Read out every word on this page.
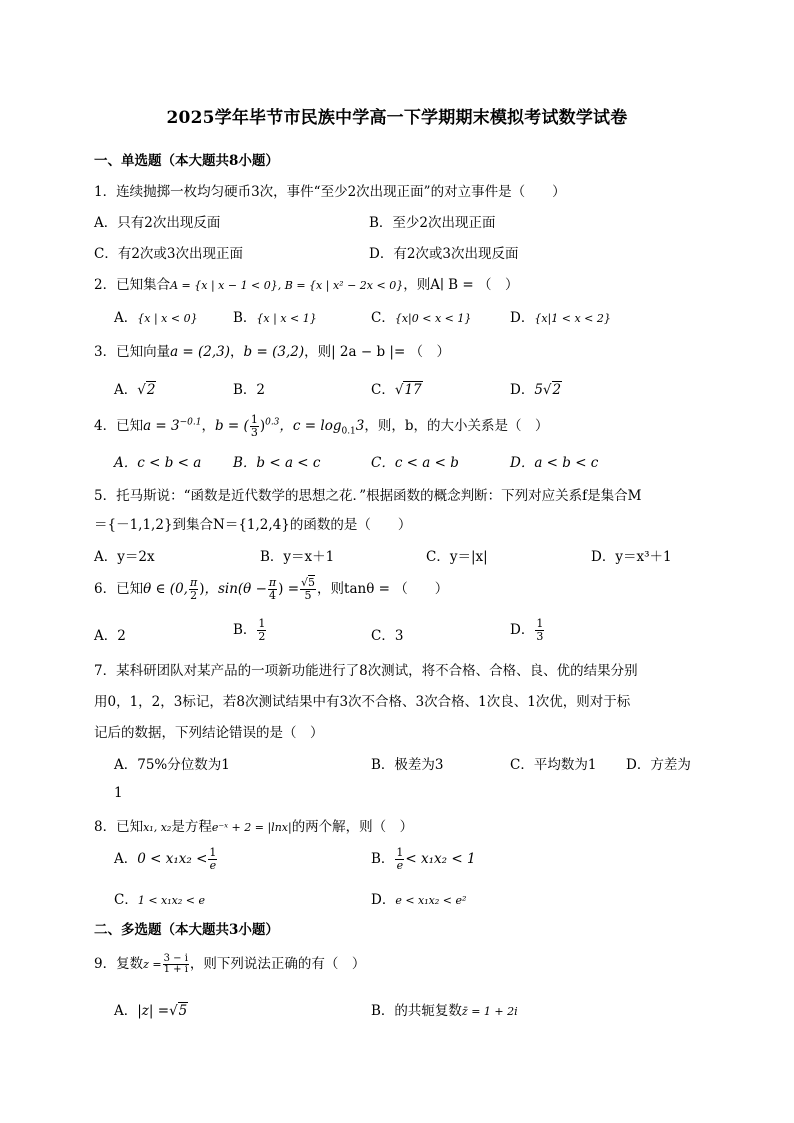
2025学年毕节市民族中学高一下学期期末模拟考试数学试卷
一、单选题（本大题共8小题）
1．连续抛掷一枚均匀硬币3次，事件“至少2次出现正面”的对立事件是（　　）
A．只有2次出现反面	B．至少2次出现正面
C．有2次或3次出现正面	D．有2次或3次出现反面
2．已知集合A = {x | x − 1 < 0}, B = {x | x² − 2x < 0}，则A∣ B = （　）
A．{x | x < 0}	B．{x | x < 1}	C．{x|0 < x < 1}	D．{x|1 < x < 2}
3．已知向量a = (2,3)，b = (3,2)，则| 2a − b |= （　）
A．√2	B．2	C．√17	D．5√2
4．已知$a = 3^{-0.1}$，b = ( $\frac{1}{3} )^{0.3}$，$c = \log_{0.1}3$，则，b，的大小关系是（　）
A．c < b < a B．b < a < c	C．c < a < b	D．a < b < c
5．托马斯说：“函数是近代数学的思想之花．”根据函数的概念判断：下列对应关系f是集合M
＝{－1,1,2}到集合N＝{1,2,4}的函数的是（　　）
A．y＝2x	B．y＝x＋1	C．y＝|x|	D．y＝x³＋1
6．已知θ ∈ (0, $\frac{\pi}{2}$ )，$\sin(\theta - \frac{\pi}{4}$ ) = $\frac{√5}{5}$ ，则tanθ = （　　）
A．2	B． $\frac{1}{2}$	C．3	D． $\frac{1}{3}$
7．某科研团队对某产品的一项新功能进行了8次测试，将不合格、合格、良、优的结果分别
用0，1，2，3标记，若8次测试结果中有3次不合格、3次合格、1次良、1次优，则对于标
记后的数据，下列结论错误的是（　）
A．75%分位数为1	B．极差为3	C．平均数为1 D．方差为
1
8．已知x₁, x₂是方程e⁻ˣ + 2 = |lnx|的两个解，则（　）
A．$0 < x_1x_2 < \frac{1}{e}$	B． $\frac{1}{e} < x_1x_2 < 1$
C．1 < x₁x₂ < e	D．e < x₁x₂ < e²
二、多选题（本大题共3小题）
9．复数$z = \frac{3 - i}{1 + i}$ ，则下列说法正确的有（　）
A．|z| =√5	B．的共轭复数z̄ = 1 + 2i
